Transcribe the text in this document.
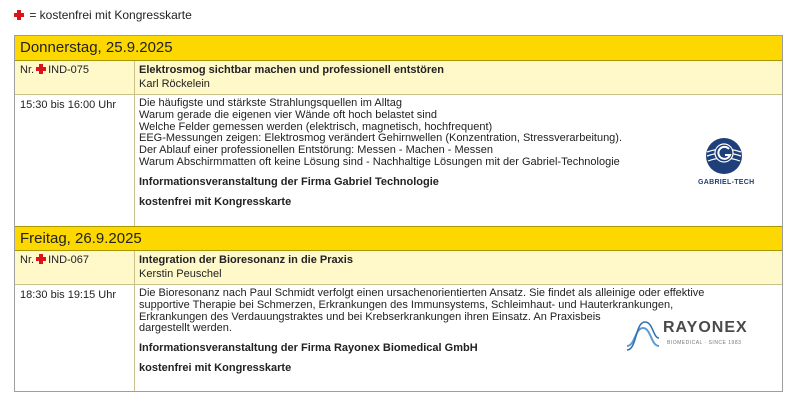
= kostenfrei mit Kongresskarte
Donnerstag, 25.9.2025
Nr. IND-075	Elektrosmog sichtbar machen und professionell entstören
Karl Röckelein
15:30 bis 16:00 Uhr	Die häufigste und stärkste Strahlungsquellen im Alltag

Warum gerade die eigenen vier Wände oft hoch belastet sind

Welche Felder gemessen werden (elektrisch, magnetisch, hochfrequent)

EEG-Messungen zeigen: Elektrosmog verändert Gehirnwellen (Konzentration, Stressverarbeitung).

Der Ablauf einer professionellen Entstörung: Messen - Machen - Messen

Warum Abschirmmatten oft keine Lösung sind - Nachhaltige Lösungen mit der Gabriel-Technologie

Informationsveranstaltung der Firma Gabriel Technologie

kostenfrei mit Kongresskarte

Freitag, 26.9.2025
Nr. IND-067	Integration der Bioresonanz in die Praxis
Kerstin Peuschel
18:30 bis 19:15 Uhr	Die Bioresonanz nach Paul Schmidt verfolgt einen ursachenorientierten Ansatz. Sie findet als alleinige oder effektive

supportive Therapie bei Schmerzen, Erkrankungen des Immunsystems, Schleimhaut- und Hauterkrankungen,

Erkrankungen des Verdauungstraktes und bei Krebserkrankungen ihren Einsatz. An Praxisbeis

dargestellt werden.

Informationsveranstaltung der Firma Rayonex Biomedical GmbH

kostenfrei mit Kongresskarte

GABRIEL-TECH
RAYONEX
BIOMEDICAL · SINCE 1983
